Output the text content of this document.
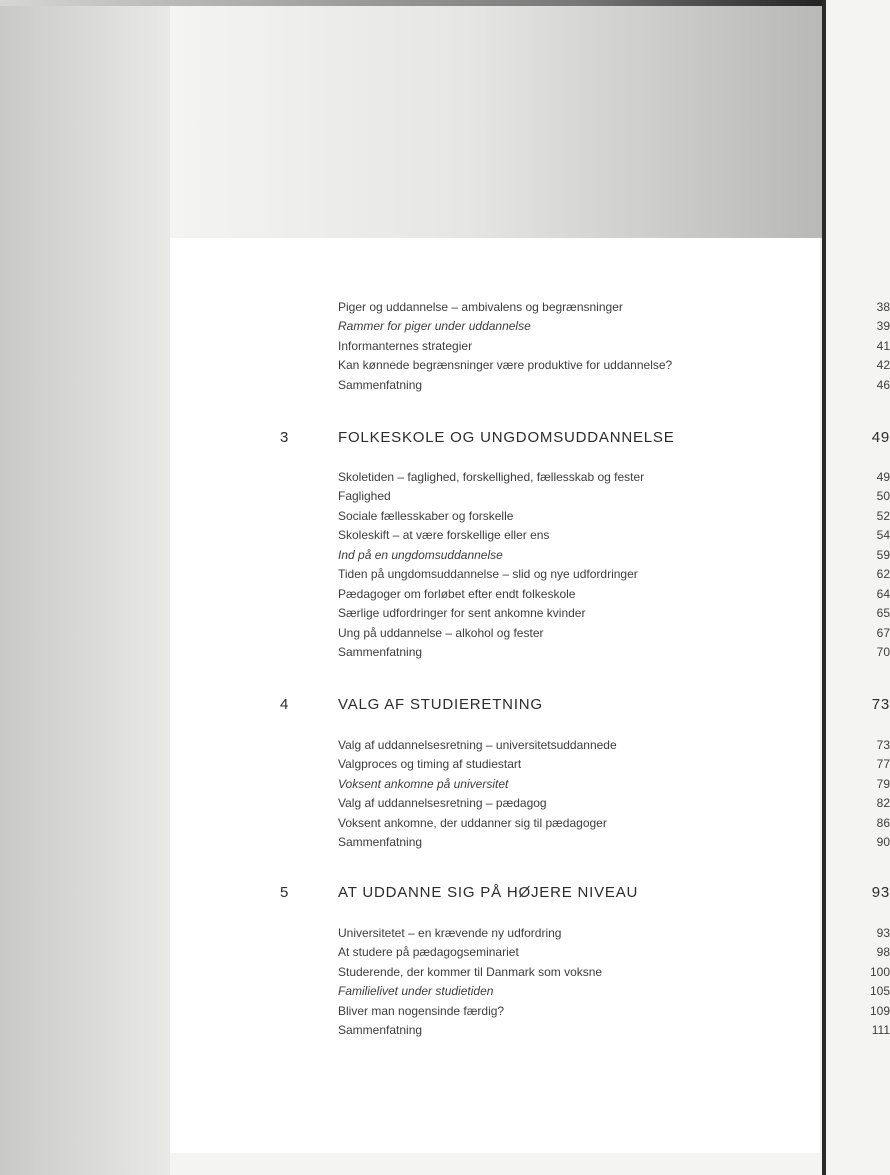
Piger og uddannelse – ambivalens og begrænsninger	38
Rammer for piger under uddannelse	39
Informanternes strategier	41
Kan kønnede begrænsninger være produktive for uddannelse?	42
Sammenfatning	46
3	FOLKESKOLE OG UNGDOMSUDDANNELSE	49
Skoletiden – faglighed, forskellighed, fællesskab og fester	49
Faglighed	50
Sociale fællesskaber og forskelle	52
Skoleskift – at være forskellige eller ens	54
Ind på en ungdomsuddannelse	59
Tiden på ungdomsuddannelse – slid og nye udfordringer	62
Pædagoger om forløbet efter endt folkeskole	64
Særlige udfordringer for sent ankomne kvinder	65
Ung på uddannelse – alkohol og fester	67
Sammenfatning	70
4	VALG AF STUDIERETNING	73
Valg af uddannelsesretning – universitetsuddannede	73
Valgproces og timing af studiestart	77
Voksent ankomne på universitet	79
Valg af uddannelsesretning – pædagog	82
Voksent ankomne, der uddanner sig til pædagoger	86
Sammenfatning	90
5	AT UDDANNE SIG PÅ HØJERE NIVEAU	93
Universitetet – en krævende ny udfordring	93
At studere på pædagogseminariet	98
Studerende, der kommer til Danmark som voksne	100
Familielivet under studietiden	105
Bliver man nogensinde færdig?	109
Sammenfatning	111
